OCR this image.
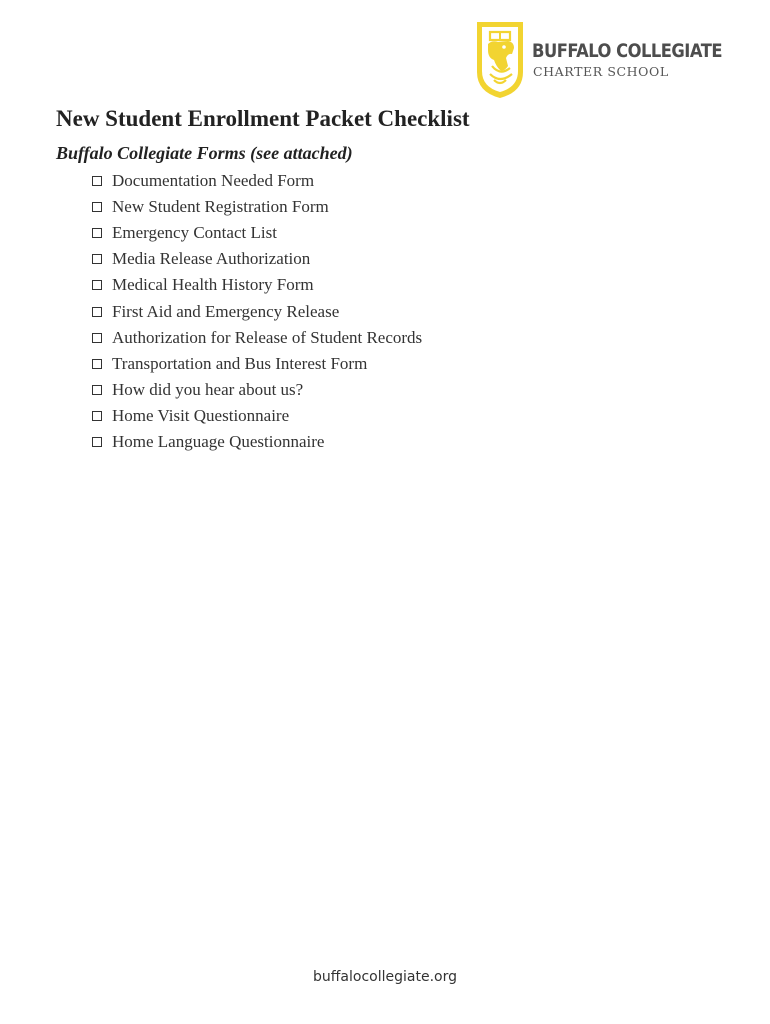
BUFFALO COLLEGIATE
CHARTER SCHOOL
New Student Enrollment Packet Checklist
Buffalo Collegiate Forms (see attached)
Documentation Needed Form
New Student Registration Form
Emergency Contact List
Media Release Authorization
Medical Health History Form
First Aid and Emergency Release
Authorization for Release of Student Records
Transportation and Bus Interest Form
How did you hear about us?
Home Visit Questionnaire
Home Language Questionnaire
buffalocollegiate.org
